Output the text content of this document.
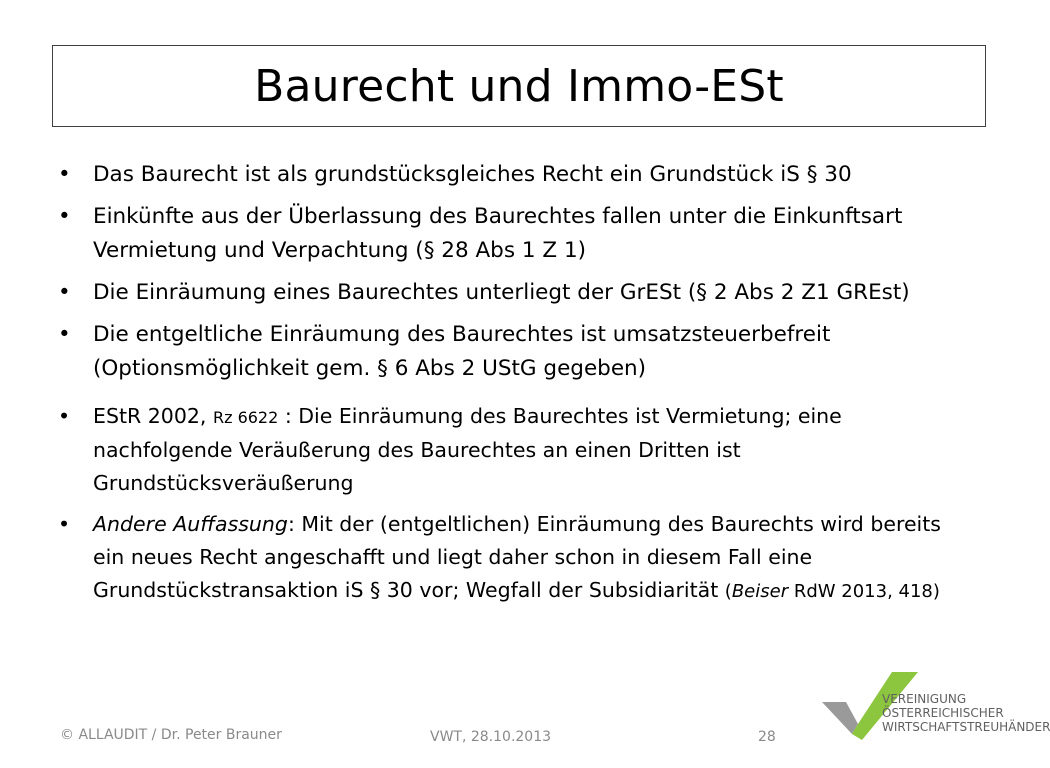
Baurecht und Immo-ESt
• Das Baurecht ist als grundstücksgleiches Recht ein Grundstück iS § 30
• Einkünfte aus der Überlassung des Baurechtes fallen unter die Einkunftsart Vermietung und Verpachtung (§ 28 Abs 1 Z 1)
• Die Einräumung eines Baurechtes unterliegt der GrESt (§ 2 Abs 2 Z1 GREst)
• Die entgeltliche Einräumung des Baurechtes ist umsatzsteuerbefreit (Optionsmöglichkeit gem. § 6 Abs 2 UStG gegeben)
• EStR 2002, Rz 6622 : Die Einräumung des Baurechtes ist Vermietung; eine nachfolgende Veräußerung des Baurechtes an einen Dritten ist Grundstücksveräußerung
• Andere Auffassung: Mit der (entgeltlichen) Einräumung des Baurechts wird bereits ein neues Recht angeschafft und liegt daher schon in diesem Fall eine Grundstückstransaktion iS § 30 vor; Wegfall der Subsidiarität (Beiser RdW 2013, 418)
© ALLAUDIT / Dr. Peter Brauner	VWT, 28.10.2013	28
VEREINIGUNG
ÖSTERREICHISCHER
WIRTSCHAFTSTREUHÄNDER
